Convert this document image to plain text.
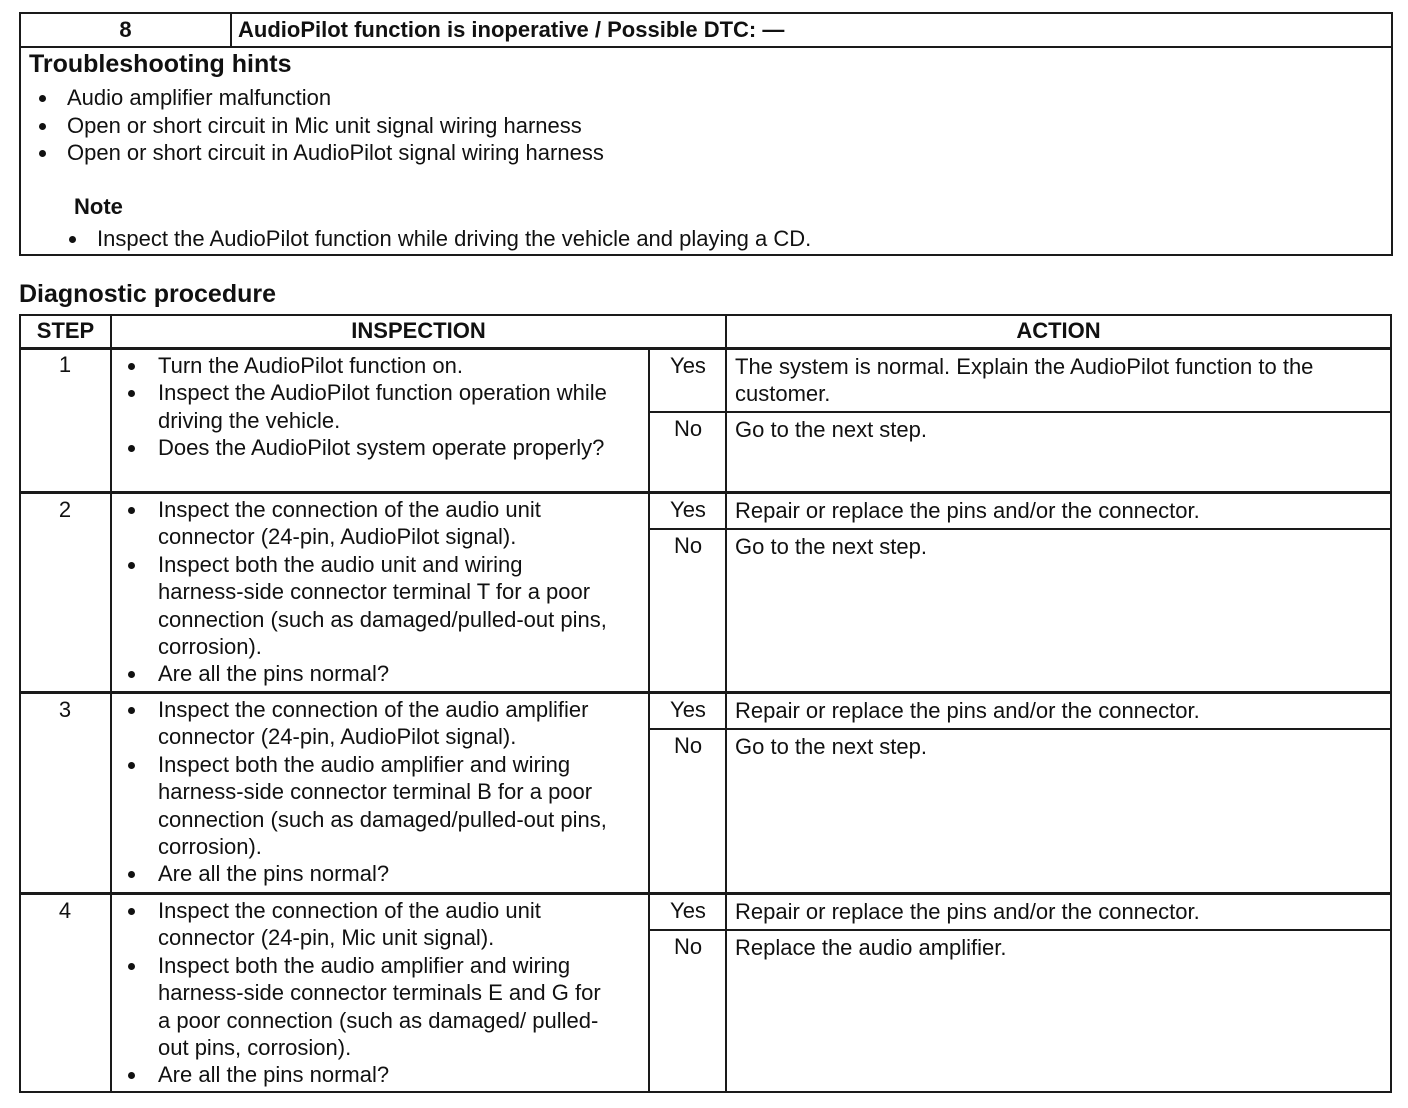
8	AudioPilot function is inoperative / Possible DTC: —
Troubleshooting hints
Audio amplifier malfunction
Open or short circuit in Mic unit signal wiring harness
Open or short circuit in AudioPilot signal wiring harness
Note
Inspect the AudioPilot function while driving the vehicle and playing a CD.
Diagnostic procedure
STEP	INSPECTION	ACTION
1	Turn the AudioPilot function on.
Inspect the AudioPilot function operation while driving the vehicle.
Does the AudioPilot system operate properly?
Yes	The system is normal. Explain the AudioPilot function to the customer.
No	Go to the next step.
2	Inspect the connection of the audio unit connector (24-pin, AudioPilot signal).
Inspect both the audio unit and wiring harness-side connector terminal T for a poor connection (such as damaged/pulled-out pins, corrosion).
Are all the pins normal?
Yes	Repair or replace the pins and/or the connector.
No	Go to the next step.
3	Inspect the connection of the audio amplifier connector (24-pin, AudioPilot signal).
Inspect both the audio amplifier and wiring harness-side connector terminal B for a poor connection (such as damaged/pulled-out pins, corrosion).
Are all the pins normal?
Yes	Repair or replace the pins and/or the connector.
No	Go to the next step.
4	Inspect the connection of the audio unit connector (24-pin, Mic unit signal).
Inspect both the audio amplifier and wiring harness-side connector terminals E and G for a poor connection (such as damaged/ pulled-out pins, corrosion).
Are all the pins normal?
Yes	Repair or replace the pins and/or the connector.
No	Replace the audio amplifier.
